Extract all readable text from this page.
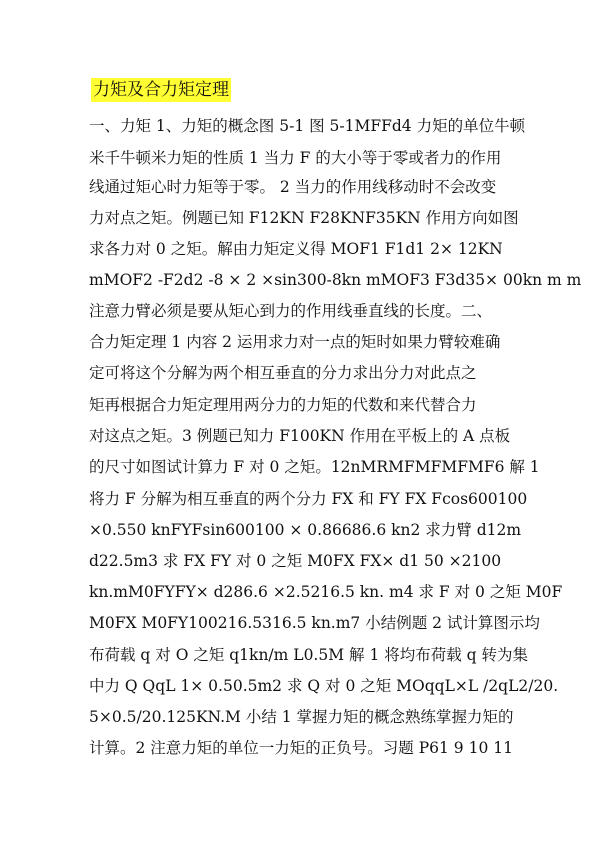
力矩及合力矩定理
一、力矩 1、力矩的概念图 5-1 图 5-1MFFd4 力矩的单位牛顿
米千牛顿米力矩的性质 1 当力 F 的大小等于零或者力的作用
线通过矩心时力矩等于零。 2 当力的作用线移动时不会改变
力对点之矩。例题已知 F12KN F28KNF35KN 作用方向如图
求各力对 0 之矩。解由力矩定义得 MOF1 F1d1 2× 12KN
mMOF2 -F2d2 -8 × 2 ×sin300-8kn mMOF3 F3d35× 00kn m m
注意力臂必须是要从矩心到力的作用线垂直线的长度。二、
合力矩定理 1 内容 2 运用求力对一点的矩时如果力臂较难确
定可将这个分解为两个相互垂直的分力求出分力对此点之
矩再根据合力矩定理用两分力的力矩的代数和来代替合力
对这点之矩。3 例题已知力 F100KN 作用在平板上的 A 点板
的尺寸如图试计算力 F 对 0 之矩。12nMRMFMFMFMF6 解 1
将力 F 分解为相互垂直的两个分力 FX 和 FY FX Fcos600100
×0.550 knFYFsin600100 × 0.86686.6 kn2 求力臂 d12m
d22.5m3 求 FX FY 对 0 之矩 M0FX FX× d1 50 ×2100
kn.mM0FYFY× d286.6 ×2.5216.5 kn. m4 求 F 对 0 之矩 M0F
M0FX M0FY100216.5316.5 kn.m7 小结例题 2 试计算图示均
布荷载 q 对 O 之矩 q1kn/m L0.5M 解 1 将均布荷载 q 转为集
中力 Q QqL 1× 0.50.5m2 求 Q 对 0 之矩 MOqqL×L /2qL2/20.
5×0.5/20.125KN.M 小结 1 掌握力矩的概念熟练掌握力矩的
计算。2 注意力矩的单位一力矩的正负号。习题 P61 9 10 11
